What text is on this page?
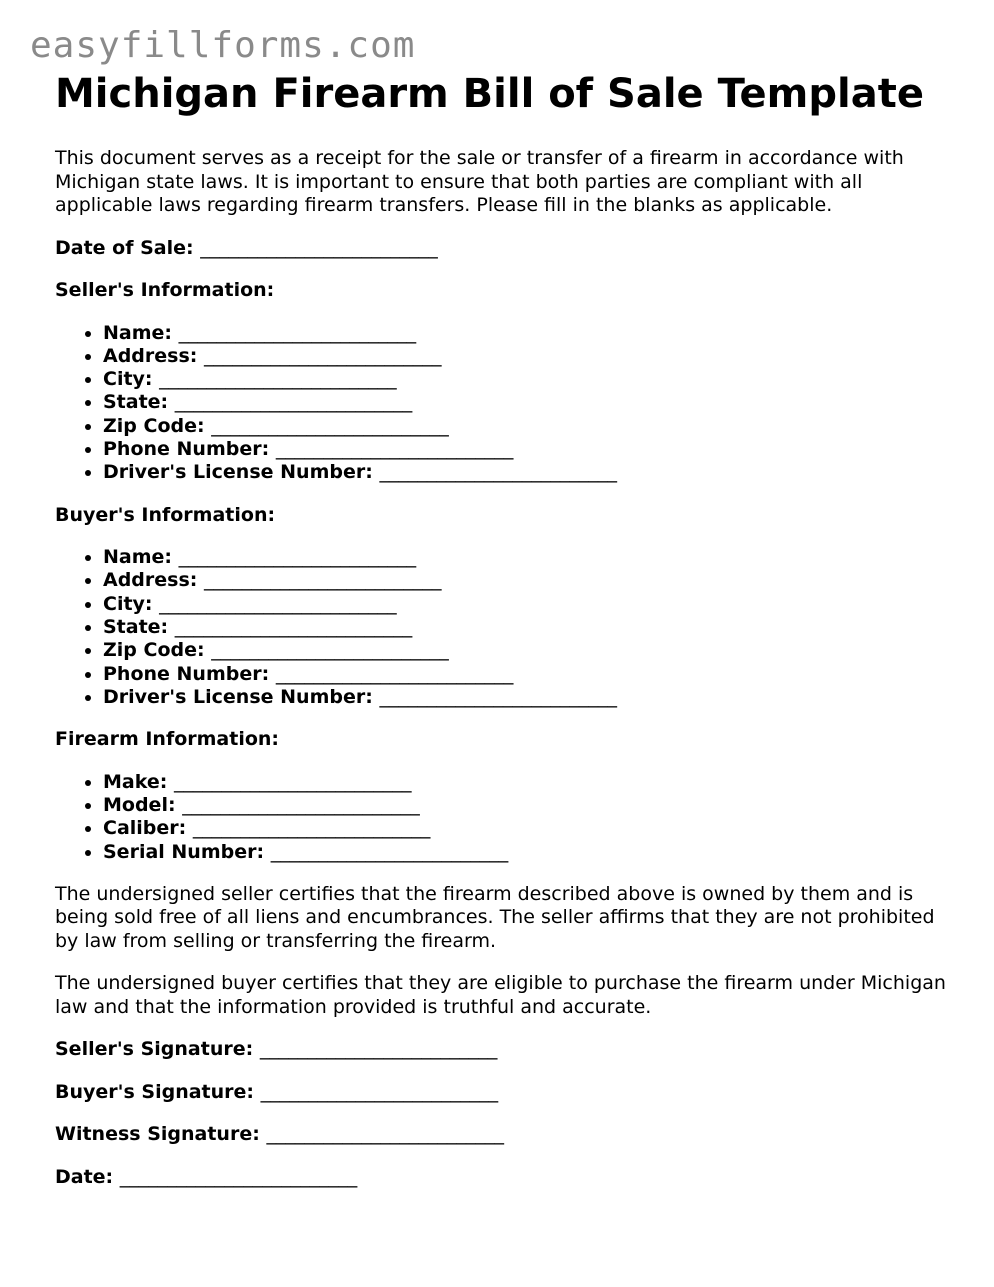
easyfillforms.com
Michigan Firearm Bill of Sale Template

This document serves as a receipt for the sale or transfer of a firearm in accordance with Michigan state laws. It is important to ensure that both parties are compliant with all applicable laws regarding firearm transfers. Please fill in the blanks as applicable.

Date of Sale: _________________________

Seller's Information:

• Name: _________________________
• Address: _________________________
• City: _________________________
• State: _________________________
• Zip Code: _________________________
• Phone Number: _________________________
• Driver's License Number: _________________________

Buyer's Information:

• Name: _________________________
• Address: _________________________
• City: _________________________
• State: _________________________
• Zip Code: _________________________
• Phone Number: _________________________
• Driver's License Number: _________________________

Firearm Information:

• Make: _________________________
• Model: _________________________
• Caliber: _________________________
• Serial Number: _________________________

The undersigned seller certifies that the firearm described above is owned by them and is being sold free of all liens and encumbrances. The seller affirms that they are not prohibited by law from selling or transferring the firearm.

The undersigned buyer certifies that they are eligible to purchase the firearm under Michigan law and that the information provided is truthful and accurate.

Seller's Signature: _________________________

Buyer's Signature: _________________________

Witness Signature: _________________________

Date: _________________________
